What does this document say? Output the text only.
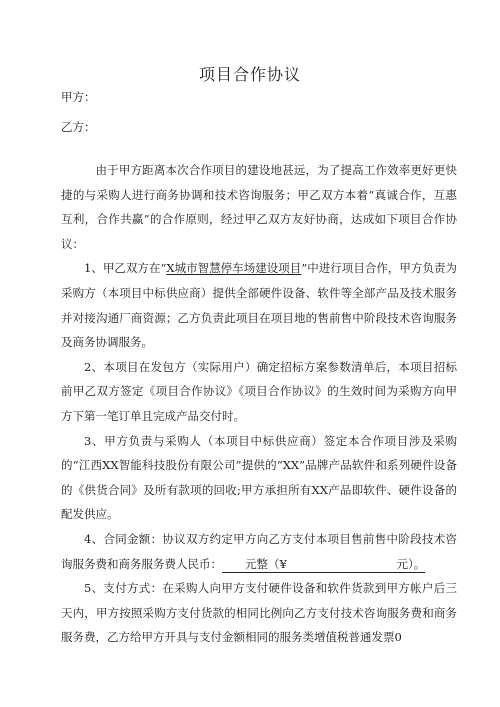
项目合作协议
甲方：
乙方：

由于甲方距离本次合作项目的建设地甚远，为了提高工作效率更好更快捷的与采购人进行商务协调和技术咨询服务；甲乙双方本着“真诚合作，互惠互利，合作共赢”的合作原则，经过甲乙双方友好协商，达成如下项目合作协议：

1、甲乙双方在“X城市智慧停车场建设项目”中进行项目合作，甲方负责为采购方（本项目中标供应商）提供全部硬件设备、软件等全部产品及技术服务并对接沟通厂商资源；乙方负责此项目在项目地的售前售中阶段技术咨询服务及商务协调服务。

2、本项目在发包方（实际用户）确定招标方案参数清单后，本项目招标前甲乙双方签定《项目合作协议》《项目合作协议》的生效时间为采购方向甲方下第一笔订单且完成产品交付时。

3、甲方负责与采购人（本项目中标供应商）签定本合作项目涉及采购的“江西XX智能科技股份有限公司”提供的“XX”品牌产品软件和系列硬件设备的《供货合同》及所有款项的回收;甲方承担所有XX产品即软件、硬件设备的配发供应。

4、合同金额：协议双方约定甲方向乙方支付本项目售前售中阶段技术咨询服务费和商务服务费人民币： 元整（¥	元）。

5、支付方式：在采购人向甲方支付硬件设备和软件货款到甲方帐户后三天内，甲方按照采购方支付货款的相同比例向乙方支付技术咨询服务费和商务服务费，乙方给甲方开具与支付金额相同的服务类增值税普通发票0
